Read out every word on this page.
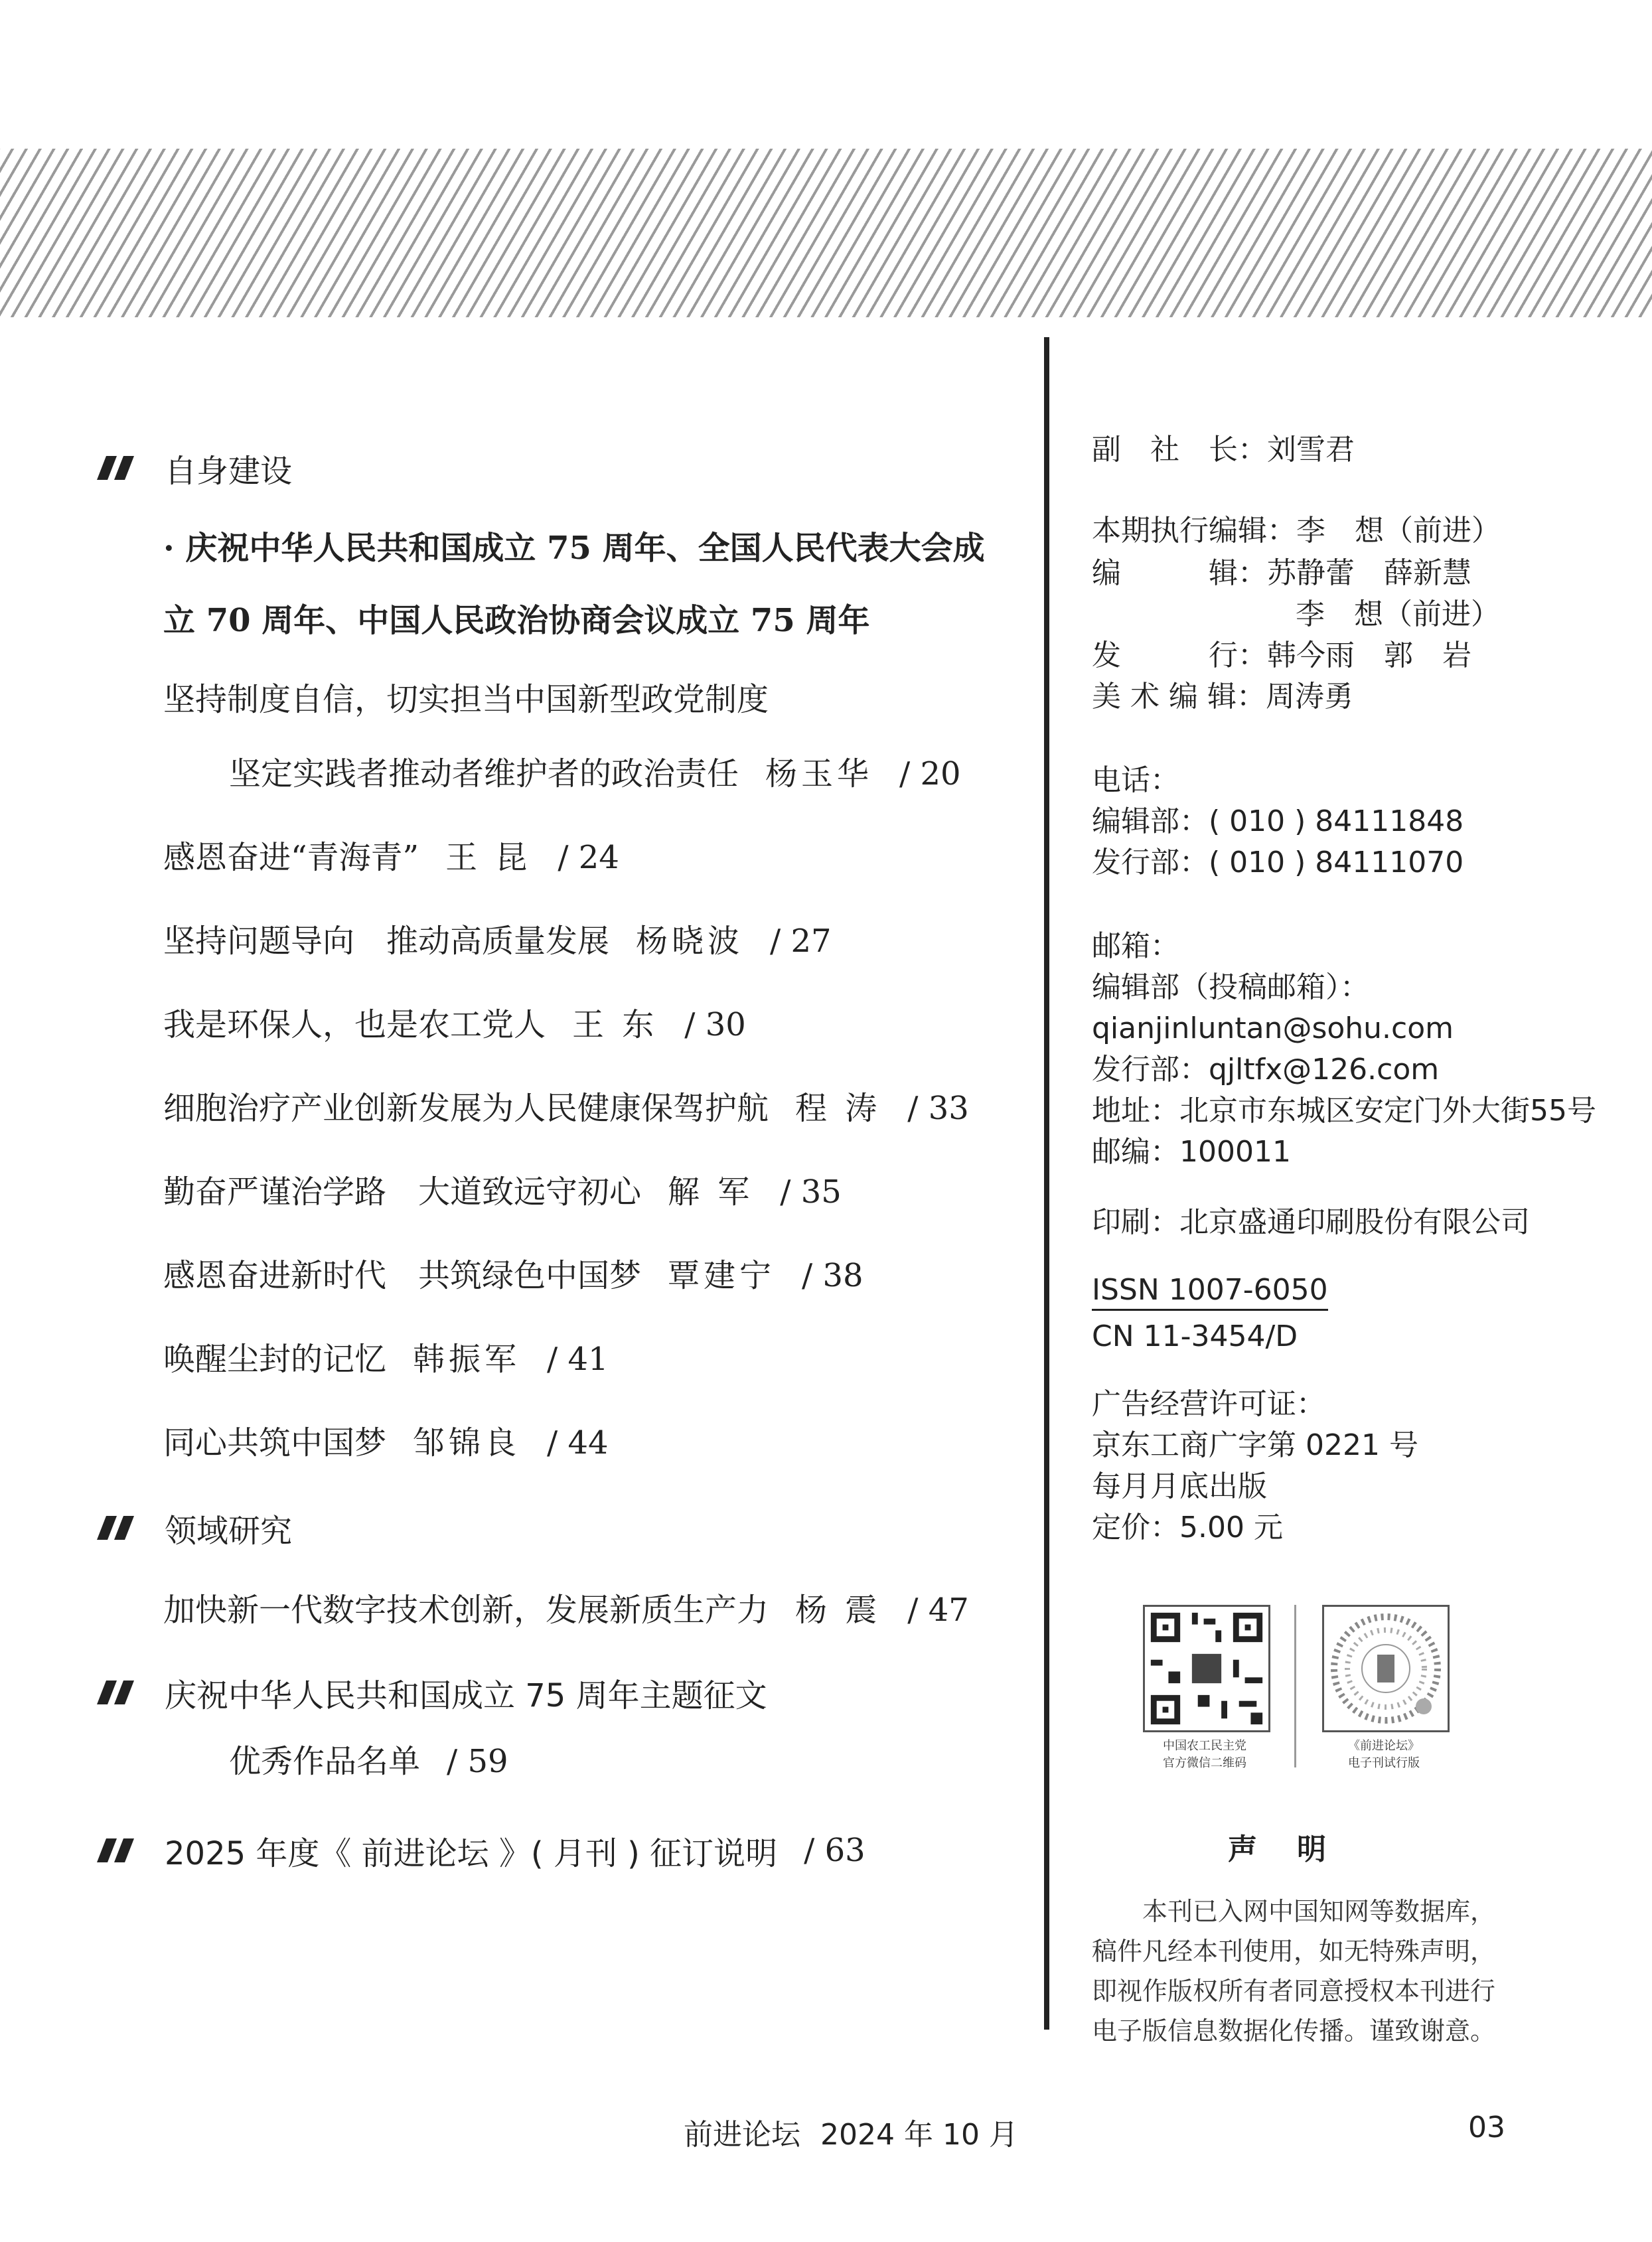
自身建设
· 庆祝中华人民共和国成立 75 周年、全国人民代表大会成
立 70 周年、中国人民政治协商会议成立 75 周年
坚持制度自信，切实担当中国新型政党制度
坚定实践者推动者维护者的政治责任 杨玉华 / 20
感恩奋进“青海青” 王 昆 / 24
坚持问题导向　推动高质量发展 杨晓波 / 27
我是环保人，也是农工党人 王 东 / 30
细胞治疗产业创新发展为人民健康保驾护航 程 涛 / 33
勤奋严谨治学路　大道致远守初心 解 军 / 35
感恩奋进新时代　共筑绿色中国梦 覃建宁 / 38
唤醒尘封的记忆 韩振军 / 41
同心共筑中国梦 邹锦良 / 44
领域研究
加快新一代数字技术创新，发展新质生产力 杨 震 / 47
庆祝中华人民共和国成立 75 周年主题征文
优秀作品名单 / 59
2025 年度《 前进论坛 》( 月刊 ) 征订说明 / 63
副　社　长：刘雪君
本期执行编辑：李　想（前进）
编　　　辑：苏静蕾　薛新慧
李　想（前进）
发　　　行：韩今雨　郭　岩
美 术 编 辑：周涛勇
电话：
编辑部：( 010 ) 84111848
发行部：( 010 ) 84111070
邮箱：
编辑部（投稿邮箱）：
qianjinluntan@sohu.com
发行部：qjltfx@126.com
地址：北京市东城区安定门外大街55号
邮编：100011
印刷：北京盛通印刷股份有限公司
ISSN 1007-6050
CN 11-3454/D
广告经营许可证：
京东工商广字第 0221 号
每月月底出版
定价：5.00 元
中国农工民主党
官方微信二维码
《前进论坛》
电子刊试行版
声明
本刊已入网中国知网等数据库，稿件凡经本刊使用，如无特殊声明，即视作版权所有者同意授权本刊进行电子版信息数据化传播。谨致谢意。
前进论坛 2024 年 10 月	03
